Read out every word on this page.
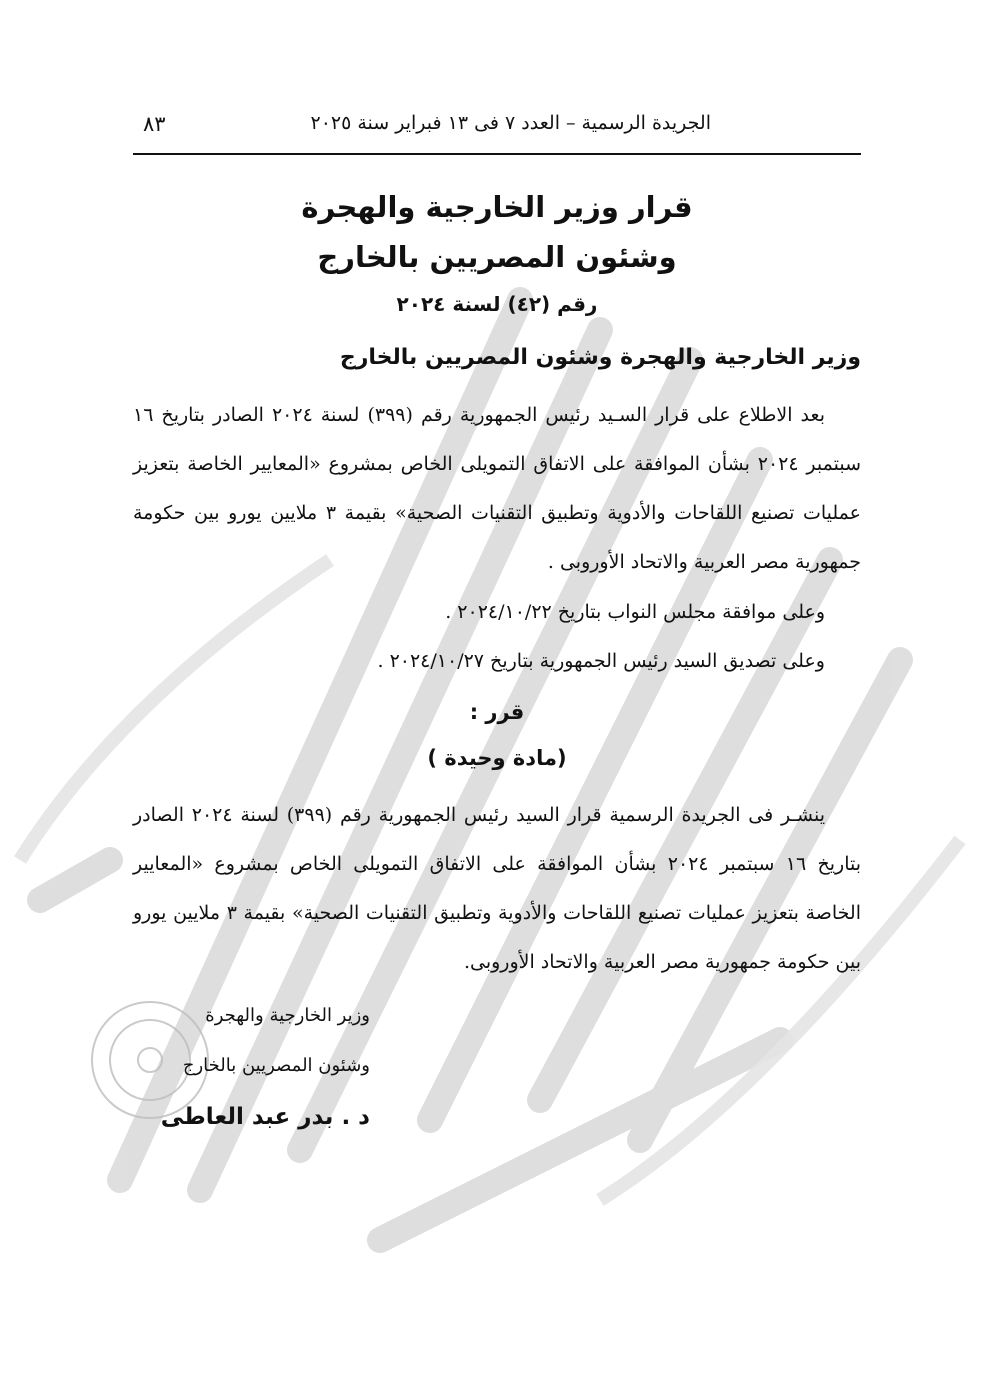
الجريدة الرسمية – العدد ٧ فى ١٣ فبراير سنة ٢٠٢٥
٨٣
قرار وزير الخارجية والهجرة
وشئون المصريين بالخارج
رقم (٤٢) لسنة ٢٠٢٤
وزير الخارجية والهجرة وشئون المصريين بالخارج

بعد الاطلاع على قرار السـيد رئيس الجمهورية رقم (٣٩٩) لسنة ٢٠٢٤ الصادر بتاريخ ١٦ سبتمبر ٢٠٢٤ بشأن الموافقة على الاتفاق التمويلى الخاص بمشروع «المعايير الخاصة بتعزيز عمليات تصنيع اللقاحات والأدوية وتطبيق التقنيات الصحية» بقيمة ٣ ملايين يورو بين حكومة جمهورية مصر العربية والاتحاد الأوروبى .

وعلى موافقة مجلس النواب بتاريخ ٢٠٢٤/١٠/٢٢ .

وعلى تصديق السيد رئيس الجمهورية بتاريخ ٢٠٢٤/١٠/٢٧ .

قرر :
(مادة وحيدة )

ينشـر فى الجريدة الرسمية قرار السيد رئيس الجمهورية رقم (٣٩٩) لسنة ٢٠٢٤ الصادر بتاريخ ١٦ سبتمبر ٢٠٢٤ بشأن الموافقة على الاتفاق التمويلى الخاص بمشروع «المعايير الخاصة بتعزيز عمليات تصنيع اللقاحات والأدوية وتطبيق التقنيات الصحية» بقيمة ٣ ملايين يورو بين حكومة جمهورية مصر العربية والاتحاد الأوروبى.

وزير الخارجية والهجرة
وشئون المصريين بالخارج
د . بدر عبد العاطى
